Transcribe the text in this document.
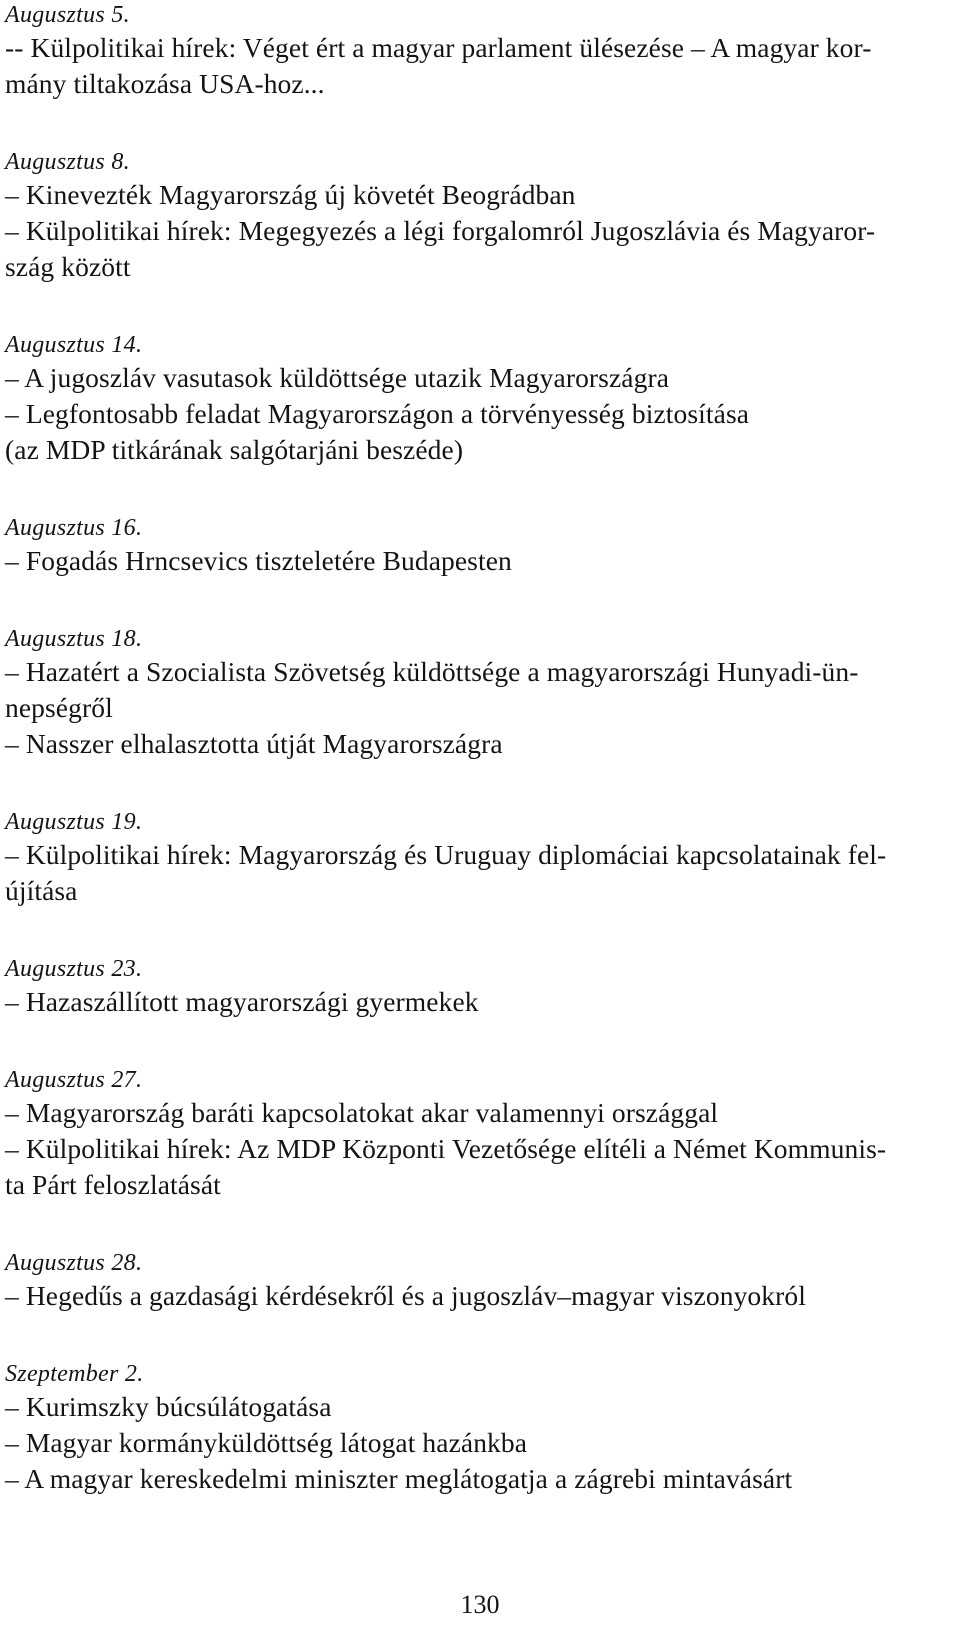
Augusztus 5.
-- Külpolitikai hírek: Véget ért a magyar parlament ülésezése – A magyar kor-
mány tiltakozása USA-hoz...
Augusztus 8.
– Kinevezték Magyarország új követét Beográdban
– Külpolitikai hírek: Megegyezés a légi forgalomról Jugoszlávia és Magyaror-
szág között
Augusztus 14.
– A jugoszláv vasutasok küldöttsége utazik Magyarországra
– Legfontosabb feladat Magyarországon a törvényesség biztosítása
(az MDP titkárának salgótarjáni beszéde)
Augusztus 16.
– Fogadás Hrncsevics tiszteletére Budapesten
Augusztus 18.
– Hazatért a Szocialista Szövetség küldöttsége a magyarországi Hunyadi-ün-
nepségről
– Nasszer elhalasztotta útját Magyarországra
Augusztus 19.
– Külpolitikai hírek: Magyarország és Uruguay diplomáciai kapcsolatainak fel-
újítása
Augusztus 23.
– Hazaszállított magyarországi gyermekek
Augusztus 27.
– Magyarország baráti kapcsolatokat akar valamennyi országgal
– Külpolitikai hírek: Az MDP Központi Vezetősége elítéli a Német Kommunis-
ta Párt feloszlatását
Augusztus 28.
– Hegedűs a gazdasági kérdésekről és a jugoszláv–magyar viszonyokról
Szeptember 2.
– Kurimszky búcsúlátogatása
– Magyar kormányküldöttség látogat hazánkba
– A magyar kereskedelmi miniszter meglátogatja a zágrebi mintavásárt
130
